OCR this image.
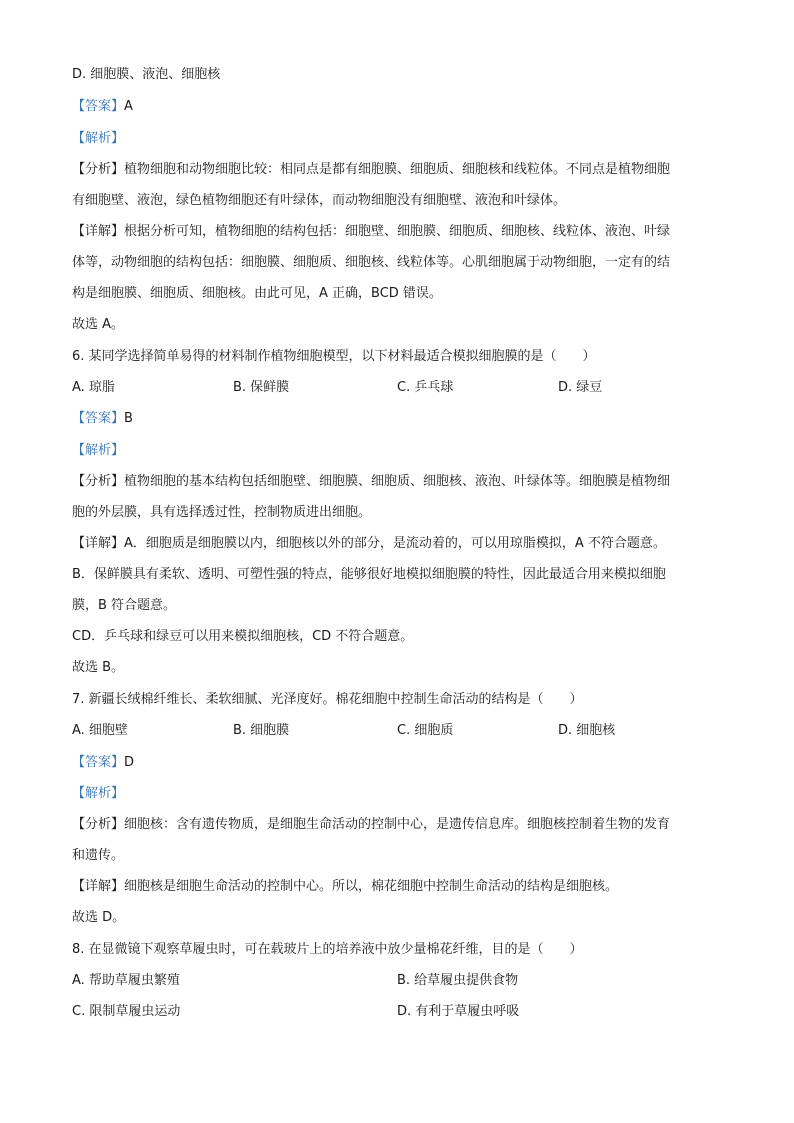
D. 细胞膜、液泡、细胞核
【答案】A
【解析】
【分析】植物细胞和动物细胞比较：相同点是都有细胞膜、细胞质、细胞核和线粒体。不同点是植物细胞
有细胞壁、液泡，绿色植物细胞还有叶绿体，而动物细胞没有细胞壁、液泡和叶绿体。
【详解】根据分析可知，植物细胞的结构包括：细胞壁、细胞膜、细胞质、细胞核、线粒体、液泡、叶绿
体等，动物细胞的结构包括：细胞膜、细胞质、细胞核、线粒体等。心肌细胞属于动物细胞，一定有的结
构是细胞膜、细胞质、细胞核。由此可见，A 正确，BCD 错误。
故选 A。
6. 某同学选择简单易得的材料制作植物细胞模型，以下材料最适合模拟细胞膜的是（　　）
A. 琼脂	B. 保鲜膜	C. 乒乓球	D. 绿豆
【答案】B
【解析】
【分析】植物细胞的基本结构包括细胞壁、细胞膜、细胞质、细胞核、液泡、叶绿体等。细胞膜是植物细
胞的外层膜，具有选择透过性，控制物质进出细胞。
【详解】A．细胞质是细胞膜以内，细胞核以外的部分，是流动着的，可以用琼脂模拟，A 不符合题意。
B．保鲜膜具有柔软、透明、可塑性强的特点，能够很好地模拟细胞膜的特性，因此最适合用来模拟细胞
膜，B 符合题意。
CD．乒乓球和绿豆可以用来模拟细胞核，CD 不符合题意。
故选 B。
7. 新疆长绒棉纤维长、柔软细腻、光泽度好。棉花细胞中控制生命活动的结构是（　　）
A. 细胞壁	B. 细胞膜	C. 细胞质	D. 细胞核
【答案】D
【解析】
【分析】细胞核：含有遗传物质，是细胞生命活动的控制中心，是遗传信息库。细胞核控制着生物的发育
和遗传。
【详解】细胞核是细胞生命活动的控制中心。所以，棉花细胞中控制生命活动的结构是细胞核。
故选 D。
8. 在显微镜下观察草履虫时，可在载玻片上的培养液中放少量棉花纤维，目的是（　　）
A. 帮助草履虫繁殖	B. 给草履虫提供食物
C. 限制草履虫运动	D. 有利于草履虫呼吸
